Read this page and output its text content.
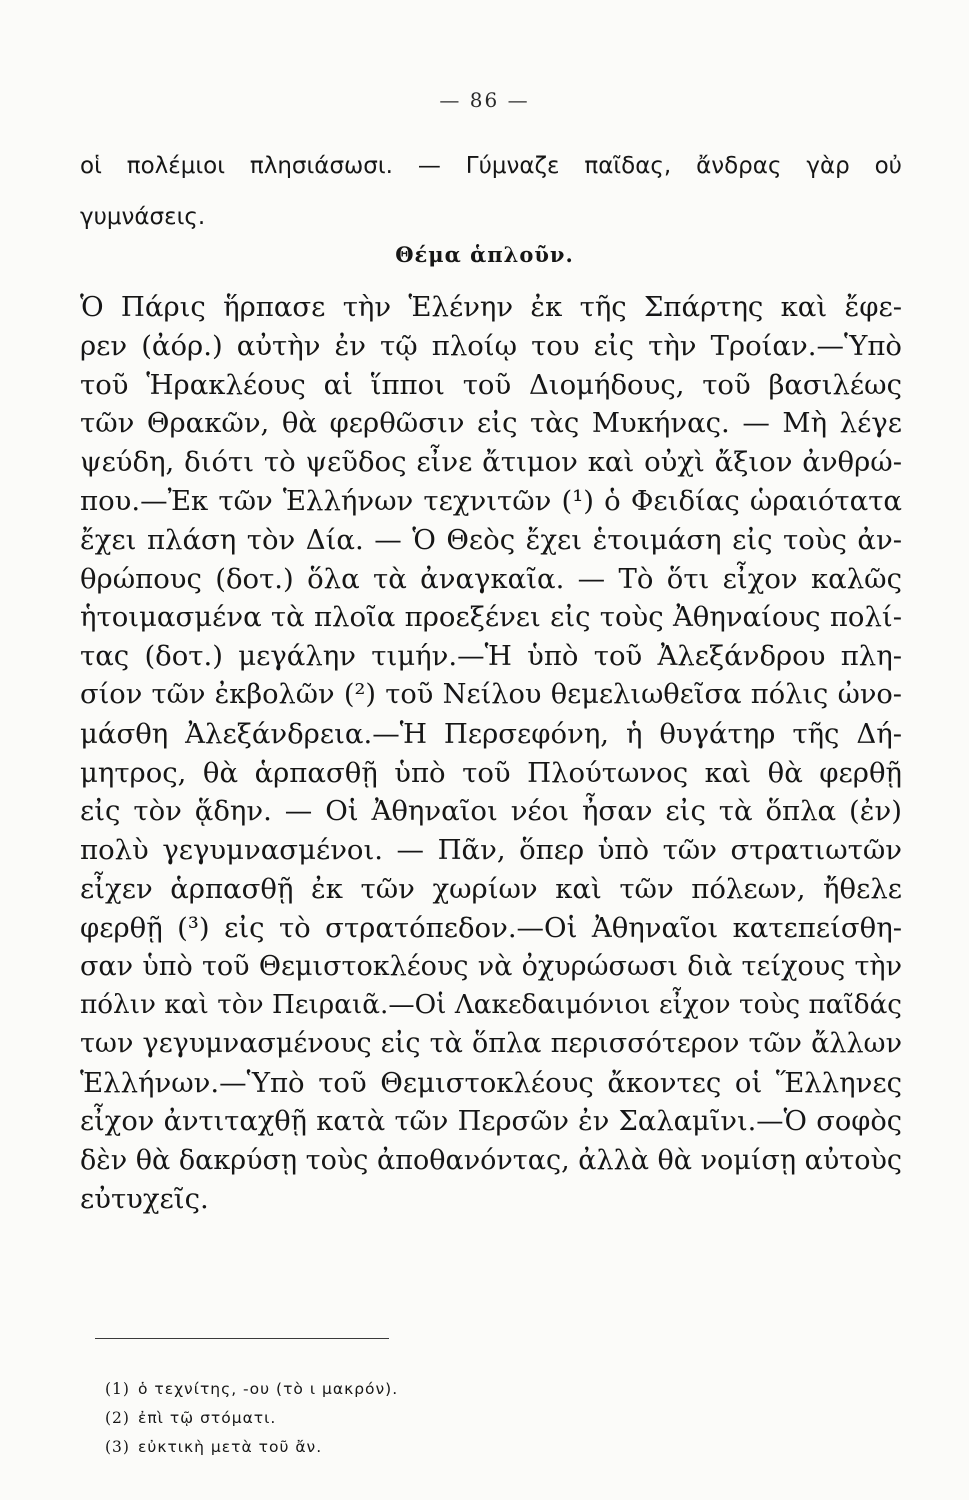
— 86 —
οἱ πολέμιοι πλησιάσωσι. — Γύμναζε παῖδας, ἄνδρας γὰρ οὐ
γυμνάσεις.
Θέμα ἁπλοῦν.
Ὁ Πάρις ἥρπασε τὴν Ἑλένην ἐκ τῆς Σπάρτης καὶ ἔφε-
ρεν (ἀόρ.) αὐτὴν ἐν τῷ πλοίῳ του εἰς τὴν Τροίαν.—Ὑπὸ
τοῦ Ἡρακλέους αἱ ἵπποι τοῦ Διομήδους, τοῦ βασιλέως
τῶν Θρακῶν, θὰ φερθῶσιν εἰς τὰς Μυκήνας. — Μὴ λέγε
ψεύδη, διότι τὸ ψεῦδος εἶνε ἄτιμον καὶ οὐχὶ ἄξιον ἀνθρώ-
που.—Ἐκ τῶν Ἑλλήνων τεχνιτῶν (¹) ὁ Φειδίας ὡραιότατα
ἔχει πλάση τὸν Δία. — Ὁ Θεὸς ἔχει ἑτοιμάση εἰς τοὺς ἀν-
θρώπους (δοτ.) ὅλα τὰ ἀναγκαῖα. — Τὸ ὅτι εἶχον καλῶς
ἡτοιμασμένα τὰ πλοῖα προεξένει εἰς τοὺς Ἀθηναίους πολί-
τας (δοτ.) μεγάλην τιμήν.—Ἡ ὑπὸ τοῦ Ἀλεξάνδρου πλη-
σίον τῶν ἐκβολῶν (²) τοῦ Νείλου θεμελιωθεῖσα πόλις ὠνο-
μάσθη Ἀλεξάνδρεια.—Ἡ Περσεφόνη, ἡ θυγάτηρ τῆς Δή-
μητρος, θὰ ἁρπασθῇ ὑπὸ τοῦ Πλούτωνος καὶ θὰ φερθῇ
εἰς τὸν ᾅδην. — Οἱ Ἀθηναῖοι νέοι ἦσαν εἰς τὰ ὅπλα (ἐν)
πολὺ γεγυμνασμένοι. — Πᾶν, ὅπερ ὑπὸ τῶν στρατιωτῶν
εἶχεν ἁρπασθῇ ἐκ τῶν χωρίων καὶ τῶν πόλεων, ἤθελε
φερθῇ (³) εἰς τὸ στρατόπεδον.—Οἱ Ἀθηναῖοι κατεπείσθη-
σαν ὑπὸ τοῦ Θεμιστοκλέους νὰ ὀχυρώσωσι διὰ τείχους τὴν
πόλιν καὶ τὸν Πειραιᾶ.—Οἱ Λακεδαιμόνιοι εἶχον τοὺς παῖδάς
των γεγυμνασμένους εἰς τὰ ὅπλα περισσότερον τῶν ἄλλων
Ἑλλήνων.—Ὑπὸ τοῦ Θεμιστοκλέους ἄκοντες οἱ Ἕλληνες
εἶχον ἀντιταχθῇ κατὰ τῶν Περσῶν ἐν Σαλαμῖνι.—Ὁ σοφὸς
δὲν θὰ δακρύσῃ τοὺς ἀποθανόντας, ἀλλὰ θὰ νομίσῃ αὐτοὺς
εὐτυχεῖς.
(1) ὁ τεχνίτης, -ου (τὸ ι μακρόν).
(2) ἐπὶ τῷ στόματι.
(3) εὐκτικὴ μετὰ τοῦ ἄν.
